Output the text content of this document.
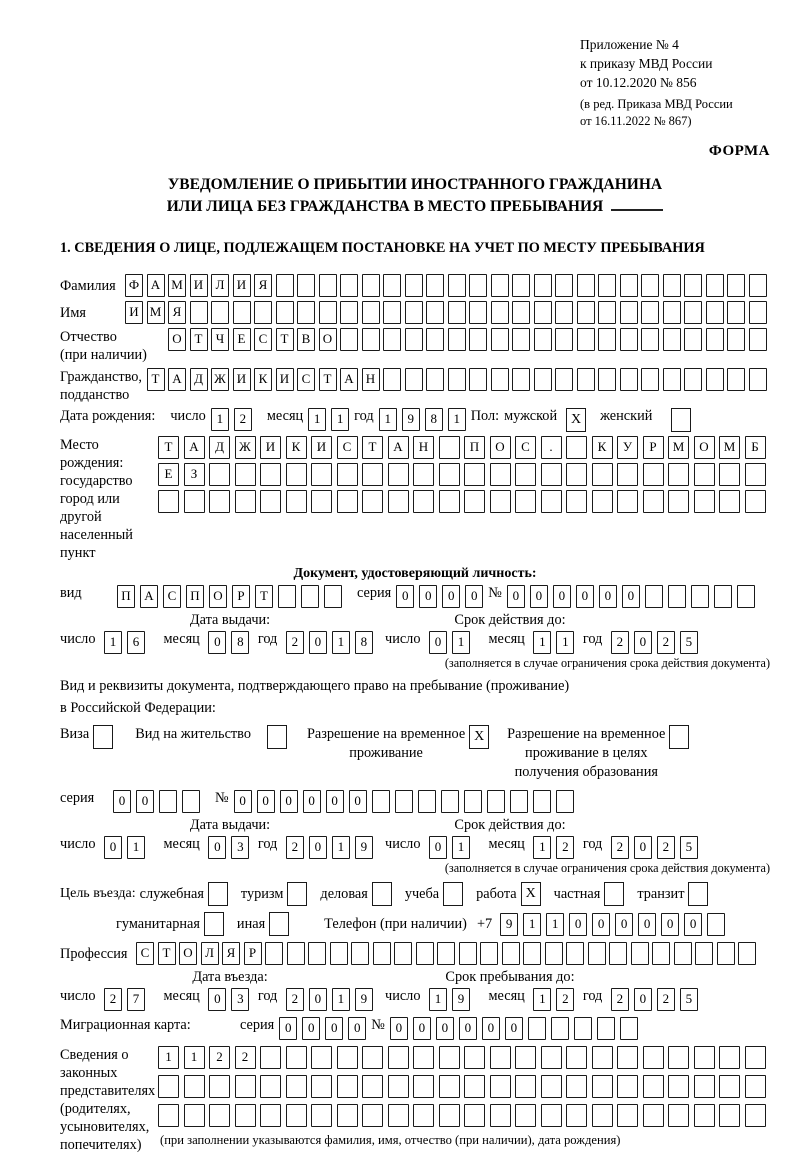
Приложение № 4
к приказу МВД России
от 10.12.2020 № 856
(в ред. Приказа МВД России
от 16.11.2022 № 867)
ФОРМА
УВЕДОМЛЕНИЕ О ПРИБЫТИИ ИНОСТРАННОГО ГРАЖДАНИНА
ИЛИ ЛИЦА БЕЗ ГРАЖДАНСТВА В МЕСТО ПРЕБЫВАНИЯ
1. СВЕДЕНИЯ О ЛИЦЕ, ПОДЛЕЖАЩЕМ ПОСТАНОВКЕ НА УЧЕТ ПО МЕСТУ ПРЕБЫВАНИЯ
Фамилия	Ф А М И Л И Я
Имя	И М Я
Отчество
(при наличии)
О Т Ч Е С Т В О
Гражданство,
подданство
Т А Д Ж И К И С Т А Н
Дата рождения: число 1 2	месяц 1 1 год 1 9 8 1 Пол: мужской X	женский
Место рождения:
государство
город или другой
населенный пункт
Т А Д Ж И К И С Т А Н	П О С .	К У Р М О М Б
Е З
Документ, удостоверяющий личность:
вид	П А С П О Р Т	серия 0 0 0 0 № 0 0 0 0 0 0
Дата выдачи:
число 1 6 месяц 0 8 год 2 0 1 8
Срок действия до:
число 0 1 месяц 1 1 год 2 0 2 5
(заполняется в случае ограничения срока действия документа)
Вид и реквизиты документа, подтверждающего право на пребывание (проживание)
в Российской Федерации:
Виза	Вид на жительство	Разрешение на временное
проживание
X	Разрешение на временное
проживание в целях
получения образования
серия	0 0	№ 0 0 0 0 0 0
Дата выдачи:
число 0 1 месяц 0 3 год 2 0 1 9
Срок действия до:
число 0 1 месяц 1 2 год 2 0 2 5
(заполняется в случае ограничения срока действия документа)
Цель въезда: служебная	туризм	деловая	учеба	работа X	частная	транзит
гуманитарная	иная	Телефон (при наличии) +7	9 1 1 0 0 0 0 0 0
Профессия	С Т О Л Я Р
Дата въезда:
число 2 7 месяц 0 3 год 2 0 1 9
Срок пребывания до:
число 1 9 месяц 1 2 год 2 0 2 5
Миграционная карта:	серия 0 0 0 0 № 0 0 0 0 0 0
Сведения о
законных
представителях
(родителях,
усыновителях,
попечителях)
1 1 2 2
(при заполнении указываются фамилия, имя, отчество (при наличии), дата рождения)
